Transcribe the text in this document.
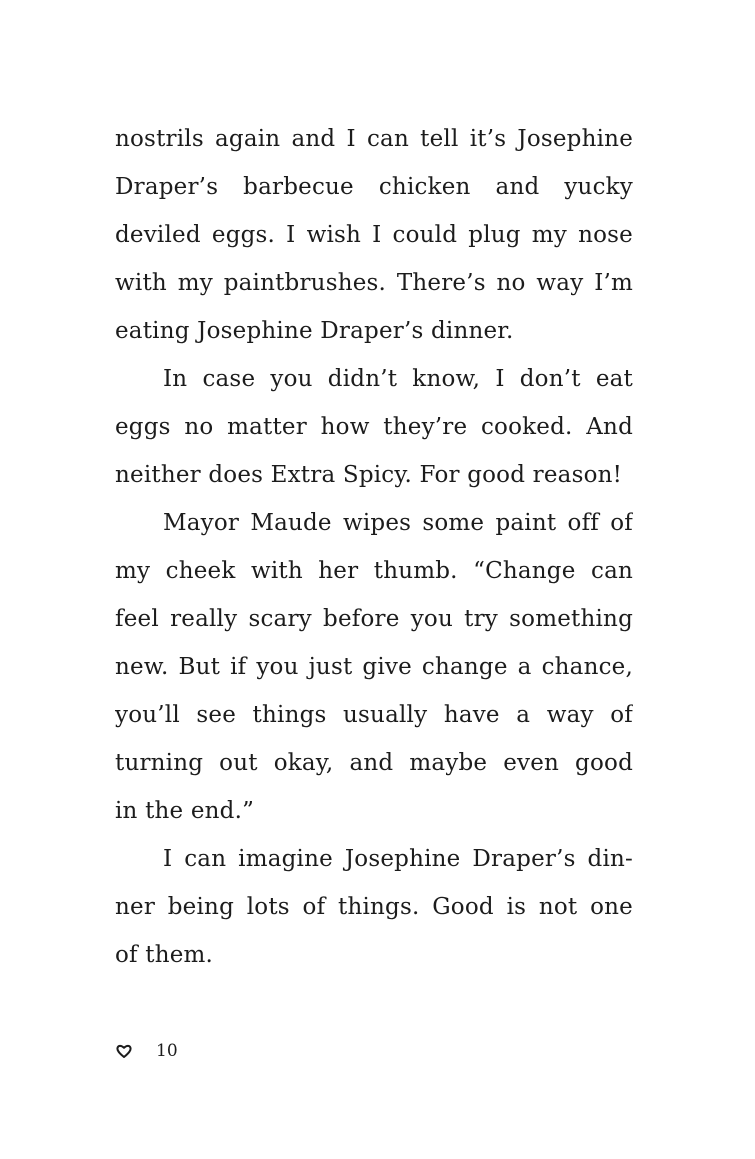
nostrils again and I can tell it’s Josephine
Draper’s barbecue chicken and yucky
deviled eggs. I wish I could plug my nose
with my paintbrushes. There’s no way I’m
eating Josephine Draper’s dinner.
In case you didn’t know, I don’t eat
eggs no matter how they’re cooked. And
neither does Extra Spicy. For good reason!
Mayor Maude wipes some paint off of
my cheek with her thumb. “Change can
feel really scary before you try something
new. But if you just give change a chance,
you’ll see things usually have a way of
turning out okay, and maybe even good
in the end.”
I can imagine Josephine Draper’s din-
ner being lots of things. Good is not one
of them.
10
